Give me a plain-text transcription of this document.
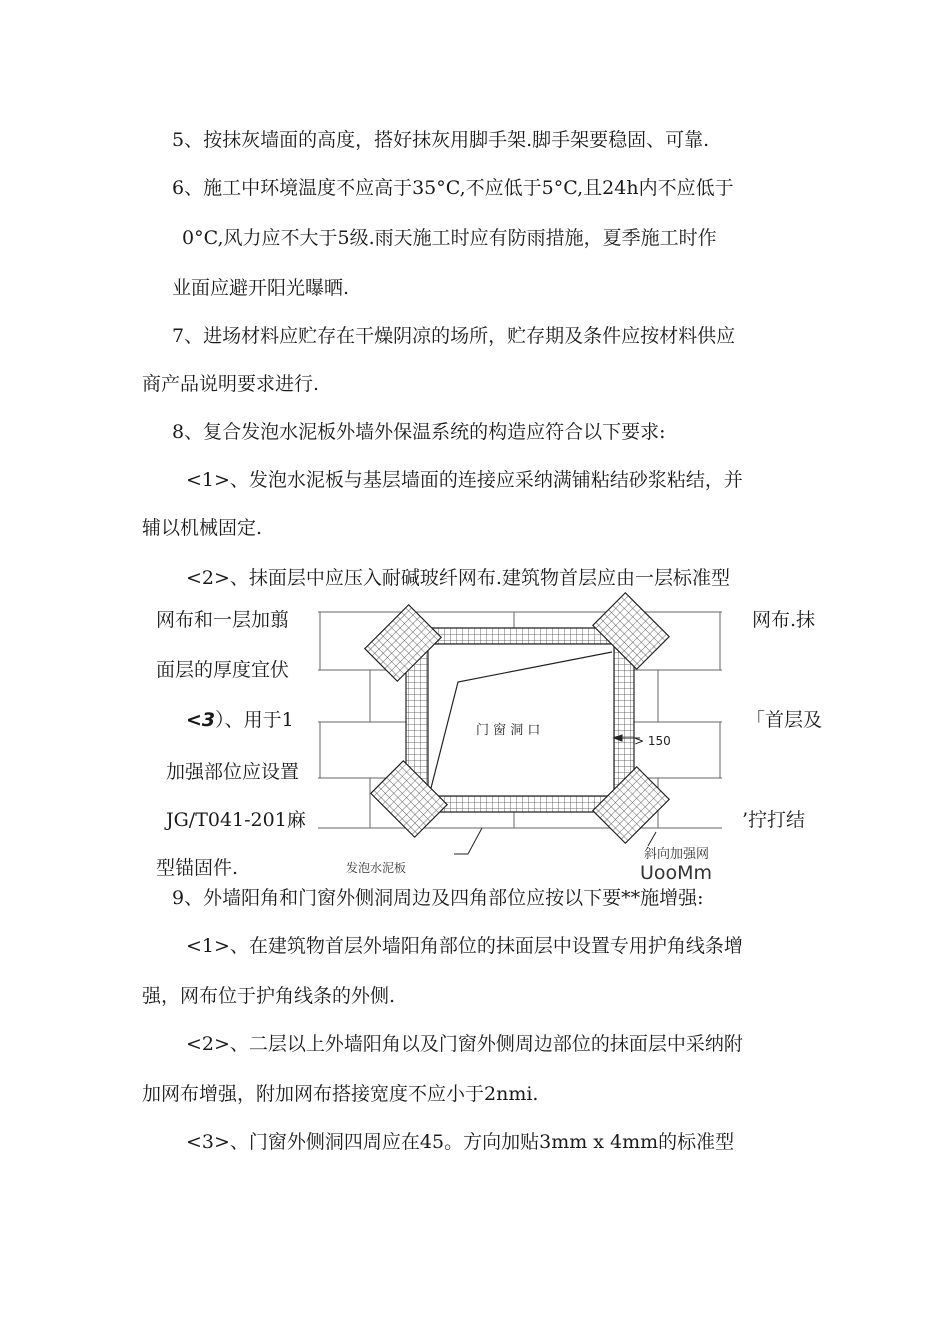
5、按抹灰墙面的高度，搭好抹灰用脚手架.脚手架要稳固、可靠.
6、施工中环境温度不应高于35°C,不应低于5°C,且24h内不应低于
0°C,风力应不大于5级.雨天施工时应有防雨措施，夏季施工时作
业面应避开阳光曝晒.
7、进场材料应贮存在干燥阴凉的场所，贮存期及条件应按材料供应
商产品说明要求进行.
8、复合发泡水泥板外墙外保温系统的构造应符合以下要求:
<1>、发泡水泥板与基层墙面的连接应采纳满铺粘结砂浆粘结，并
辅以机械固定.
<2>、抹面层中应压入耐碱玻纤网布.建筑物首层应由一层标准型
网布和一层加翦
面层的厚度宜伏
<3）、用于1
加强部位应设置
JG/T041-201麻
型锚固件.
网布.抹
「首层及
’拧打结
门 窗 洞 口
> 150
发泡水泥板
斜向加强网
UooMm
9、外墙阳角和门窗外侧洞周边及四角部位应按以下要**施增强:
<1>、在建筑物首层外墙阳角部位的抹面层中设置专用护角线条增
强，网布位于护角线条的外侧.
<2>、二层以上外墙阳角以及门窗外侧周边部位的抹面层中采纳附
加网布增强，附加网布搭接宽度不应小于2nmi.
<3>、门窗外侧洞四周应在45。方向加贴3mm x 4mm的标准型
